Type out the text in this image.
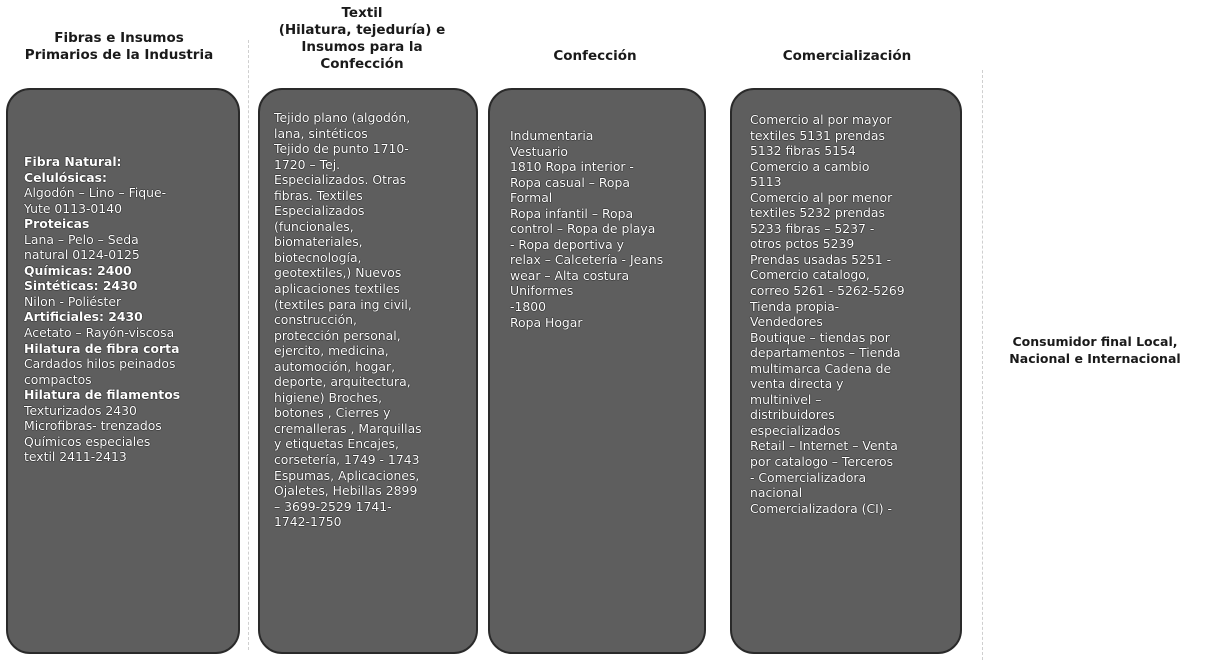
Fibras e Insumos
Primarios de la Industria
Fibra Natural:
Celulósicas:
Algodón – Lino – Fique-
Yute 0113-0140
Proteicas
Lana – Pelo – Seda
natural 0124-0125
Químicas: 2400
Sintéticas: 2430
Nilon - Poliéster
Artificiales: 2430
Acetato – Rayón-viscosa
Hilatura de fibra corta
Cardados hilos peinados
compactos
Hilatura de filamentos
Texturizados 2430
Microfibras- trenzados
Químicos especiales
textil 2411-2413
Textil
(Hilatura, tejeduría) e
Insumos para la
Confección
Tejido plano (algodón,
lana, sintéticos
Tejido de punto 1710-
1720 – Tej.
Especializados. Otras
fibras. Textiles
Especializados
(funcionales,
biomateriales,
biotecnología,
geotextiles,) Nuevos
aplicaciones textiles
(textiles para ing civil,
construcción,
protección personal,
ejercito, medicina,
automoción, hogar,
deporte, arquitectura,
higiene) Broches,
botones , Cierres y
cremalleras , Marquillas
y etiquetas Encajes,
corsetería, 1749 - 1743
Espumas, Aplicaciones,
Ojaletes, Hebillas 2899
– 3699-2529 1741-
1742-1750
Confección
Indumentaria
Vestuario
1810 Ropa interior -
Ropa casual – Ropa
Formal
Ropa infantil – Ropa
control – Ropa de playa
- Ropa deportiva y
relax – Calcetería - Jeans
wear – Alta costura
Uniformes
-1800
Ropa Hogar
Comercialización
Comercio al por mayor
textiles 5131 prendas
5132 fibras 5154
Comercio a cambio
5113
Comercio al por menor
textiles 5232 prendas
5233 fibras – 5237 -
otros pctos 5239
Prendas usadas 5251 -
Comercio catalogo,
correo 5261 - 5262-5269
Tienda propia-
Vendedores
Boutique – tiendas por
departamentos – Tienda
multimarca Cadena de
venta directa y
multinivel –
distribuidores
especializados
Retail – Internet – Venta
por catalogo – Terceros
- Comercializadora
nacional
Comercializadora (CI) -
Consumidor final Local,
Nacional e Internacional
